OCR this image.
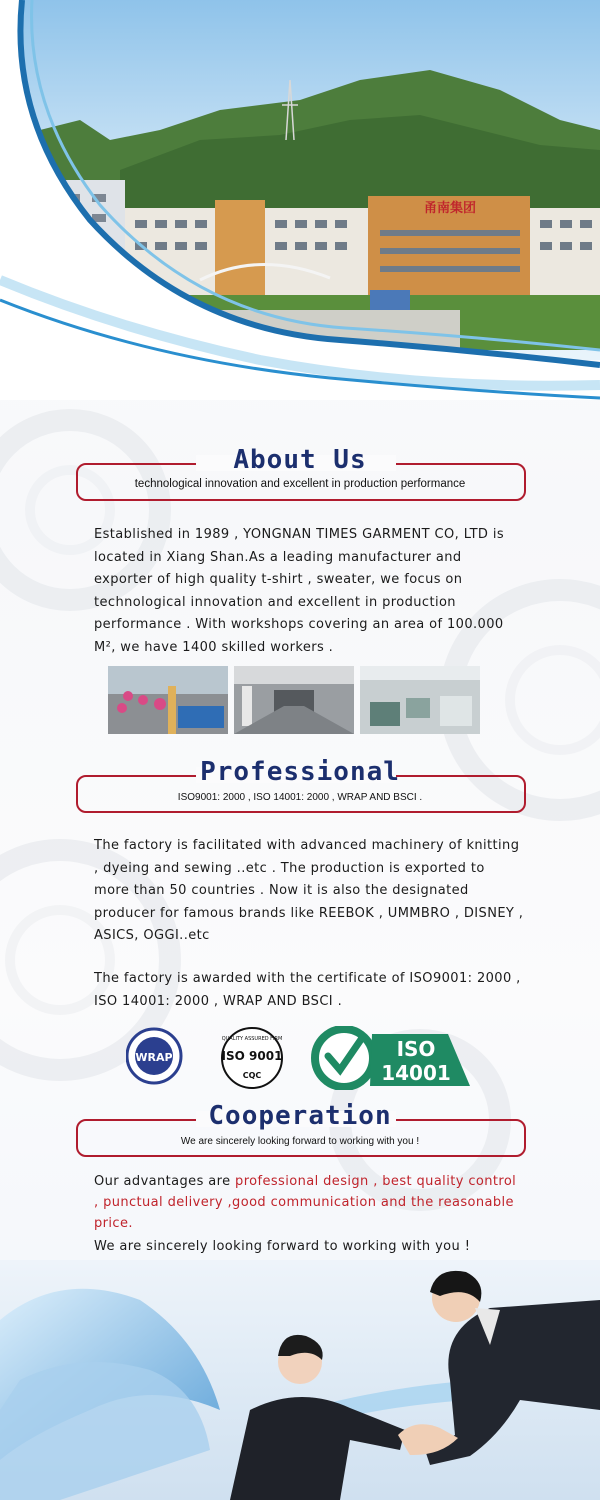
甬南集团
About Us
technological innovation and excellent in production performance

Established in 1989 , YONGNAN TIMES GARMENT CO, LTD is located in Xiang Shan.As a leading manufacturer and exporter of high quality t-shirt , sweater, we focus on technological innovation and excellent in production performance . With workshops covering an area of 100.000 M², we have 1400 skilled workers .

Professional
ISO9001: 2000 , ISO 14001: 2000 , WRAP AND BSCI .

The factory is facilitated with advanced machinery of knitting , dyeing and sewing ..etc . The production is exported to more than 50 countries . Now it is also the designated producer for famous brands like REEBOK , UMMBRO , DISNEY , ASICS, OGGI..etc

The factory is awarded with the certificate of ISO9001: 2000 , ISO 14001: 2000 , WRAP AND BSCI .

WRAP
QUALITY ASSURED FIRM
ISO 9001
CQC
ISO
14001
Cooperation
We are sincerely looking forward to working with you !

Our advantages are professional design , best quality control , punctual delivery ,good communication and the reasonable price.

We are sincerely looking forward to working with you !
